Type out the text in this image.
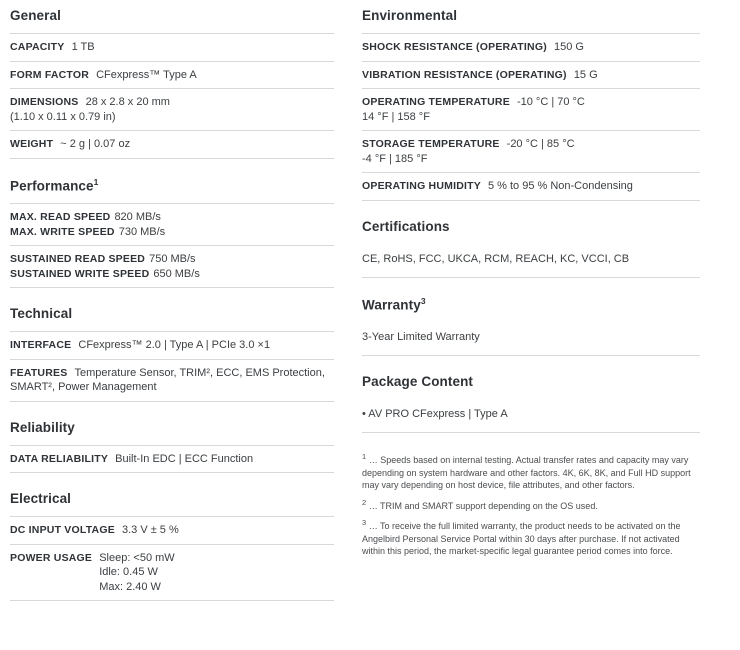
General
CAPACITY 1 TB
FORM FACTOR CFexpress™ Type A
DIMENSIONS 28 x 2.8 x 20 mm
(1.10 x 0.11 x 0.79 in)
WEIGHT ~ 2 g | 0.07 oz
Performance$^1$
MAX. READ SPEED 820 MB/s
MAX. WRITE SPEED 730 MB/s
SUSTAINED READ SPEED 750 MB/s
SUSTAINED WRITE SPEED 650 MB/s
Technical
INTERFACE CFexpress™ 2.0 | Type A | PCIe 3.0 ×1
FEATURES Temperature Sensor, TRIM², ECC, EMS Protection,
SMART², Power Management
Reliability
DATA RELIABILITY Built-In EDC | ECC Function
Electrical
DC INPUT VOLTAGE 3.3 V ± 5 %
POWER USAGE Sleep: <50 mW
Idle: 0.45 W
Max: 2.40 W
Environmental
SHOCK RESISTANCE (OPERATING) 150 G
VIBRATION RESISTANCE (OPERATING) 15 G
OPERATING TEMPERATURE -10 °C | 70 °C
14 °F | 158 °F
STORAGE TEMPERATURE -20 °C | 85 °C
-4 °F | 185 °F
OPERATING HUMIDITY 5 % to 95 % Non-Condensing
Certifications
CE, RoHS, FCC, UKCA, RCM, REACH, KC, VCCI, CB
Warranty$^3$
3-Year Limited Warranty
Package Content
• AV PRO CFexpress | Type A

$^1$ … Speeds based on internal testing. Actual transfer rates and capacity may vary depending on system hardware and other factors. 4K, 6K, 8K, and Full HD support may vary depending on host device, file attributes, and other factors.

$^2$ … TRIM and SMART support depending on the OS used.

$^3$ … To receive the full limited warranty, the product needs to be activated on the Angelbird Personal Service Portal within 30 days after purchase. If not activated within this period, the market-specific legal guarantee period comes into force.
